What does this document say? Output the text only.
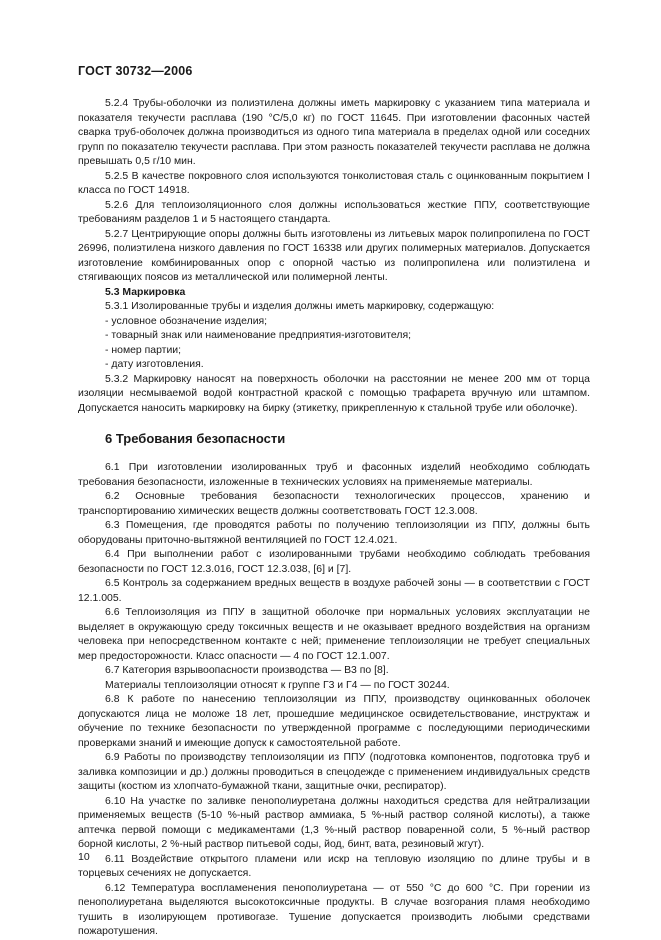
ГОСТ 30732—2006

5.2.4 Трубы-оболочки из полиэтилена должны иметь маркировку с указанием типа материала и показателя текучести расплава (190 °С/5,0 кг) по ГОСТ 11645. При изготовлении фасонных частей сварка труб-оболочек должна производиться из одного типа материала в пределах одной или соседних групп по показателю текучести расплава. При этом разность показателей текучести расплава не должна превышать 0,5 г/10 мин.

5.2.5 В качестве покровного слоя используются тонколистовая сталь с оцинкованным покрытием I класса по ГОСТ 14918.

5.2.6 Для теплоизоляционного слоя должны использоваться жесткие ППУ, соответствующие требованиям разделов 1 и 5 настоящего стандарта.

5.2.7 Центрирующие опоры должны быть изготовлены из литьевых марок полипропилена по ГОСТ 26996, полиэтилена низкого давления по ГОСТ 16338 или других полимерных материалов. Допускается изготовление комбинированных опор с опорной частью из полипропилена или полиэтилена и стягивающих поясов из металлической или полимерной ленты.

5.3 Маркировка

5.3.1 Изолированные трубы и изделия должны иметь маркировку, содержащую:

- условное обозначение изделия;

- товарный знак или наименование предприятия-изготовителя;

- номер партии;

- дату изготовления.

5.3.2 Маркировку наносят на поверхность оболочки на расстоянии не менее 200 мм от торца изоляции несмываемой водой контрастной краской с помощью трафарета вручную или штампом. Допускается наносить маркировку на бирку (этикетку, прикрепленную к стальной трубе или оболочке).

6 Требования безопасности

6.1 При изготовлении изолированных труб и фасонных изделий необходимо соблюдать требования безопасности, изложенные в технических условиях на применяемые материалы.

6.2 Основные требования безопасности технологических процессов, хранению и транспортированию химических веществ должны соответствовать ГОСТ 12.3.008.

6.3 Помещения, где проводятся работы по получению теплоизоляции из ППУ, должны быть оборудованы приточно-вытяжной вентиляцией по ГОСТ 12.4.021.

6.4 При выполнении работ с изолированными трубами необходимо соблюдать требования безопасности по ГОСТ 12.3.016, ГОСТ 12.3.038, [6] и [7].

6.5 Контроль за содержанием вредных веществ в воздухе рабочей зоны — в соответствии с ГОСТ 12.1.005.

6.6 Теплоизоляция из ППУ в защитной оболочке при нормальных условиях эксплуатации не выделяет в окружающую среду токсичных веществ и не оказывает вредного воздействия на организм человека при непосредственном контакте с ней; применение теплоизоляции не требует специальных мер предосторожности. Класс опасности — 4 по ГОСТ 12.1.007.

6.7 Категория взрывоопасности производства — В3 по [8].

Материалы теплоизоляции относят к группе Г3 и Г4 — по ГОСТ 30244.

6.8 К работе по нанесению теплоизоляции из ППУ, производству оцинкованных оболочек допускаются лица не моложе 18 лет, прошедшие медицинское освидетельствование, инструктаж и обучение по технике безопасности по утвержденной программе с последующими периодическими проверками знаний и имеющие допуск к самостоятельной работе.

6.9 Работы по производству теплоизоляции из ППУ (подготовка компонентов, подготовка труб и заливка композиции и др.) должны проводиться в спецодежде с применением индивидуальных средств защиты (костюм из хлопчато-бумажной ткани, защитные очки, респиратор).

6.10 На участке по заливке пенополиуретана должны находиться средства для нейтрализации применяемых веществ (5-10 %-ный раствор аммиака, 5 %-ный раствор соляной кислоты), а также аптечка первой помощи с медикаментами (1,3 %-ный раствор поваренной соли, 5 %-ный раствор борной кислоты, 2 %-ный раствор питьевой соды, йод, бинт, вата, резиновый жгут).

6.11 Воздействие открытого пламени или искр на тепловую изоляцию по длине трубы и в торцевых сечениях не допускается.

6.12 Температура воспламенения пенополиуретана — от 550 °С до 600 °С. При горении из пенополиуретана выделяются высокотоксичные продукты. В случае возгорания пламя необходимо тушить в изолирующем противогазе. Тушение допускается производить любыми средствами пожаротушения.

10
